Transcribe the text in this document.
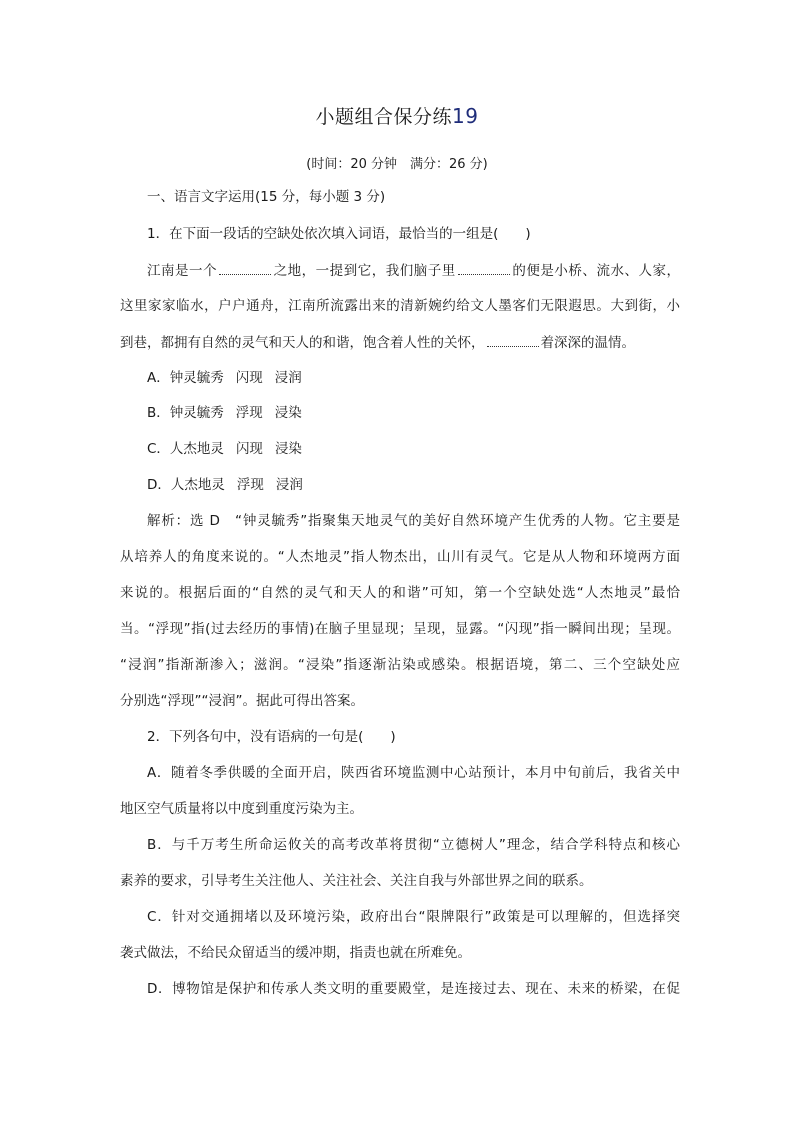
小题组合保分练19
(时间：20 分钟　满分：26 分)
一、语言文字运用(15 分，每小题 3 分)
1．在下面一段话的空缺处依次填入词语，最恰当的一组是(　　)
江南是一个	之地，一提到它，我们脑子里	的便是小桥、流水、人家，
这里家家临水，户户通舟，江南所流露出来的清新婉约给文人墨客们无限遐思。大到街，小
到巷，都拥有自然的灵气和天人的和谐，饱含着人性的关怀，	着深深的温情。
A．钟灵毓秀 闪现 浸润
B．钟灵毓秀 浮现 浸染
C．人杰地灵 闪现 浸染
D．人杰地灵 浮现 浸润
解析：选 D　“钟灵毓秀”指聚集天地灵气的美好自然环境产生优秀的人物。它主要是
从培养人的角度来说的。“人杰地灵”指人物杰出，山川有灵气。它是从人物和环境两方面
来说的。根据后面的“自然的灵气和天人的和谐”可知，第一个空缺处选“人杰地灵”最恰
当。“浮现”指(过去经历的事情)在脑子里显现；呈现，显露。“闪现”指一瞬间出现；呈现。
“浸润”指渐渐渗入；滋润。“浸染”指逐渐沾染或感染。根据语境，第二、三个空缺处应
分别选“浮现”“浸润”。据此可得出答案。
2．下列各句中，没有语病的一句是(　　)
A．随着冬季供暖的全面开启，陕西省环境监测中心站预计，本月中旬前后，我省关中
地区空气质量将以中度到重度污染为主。
B．与千万考生所命运攸关的高考改革将贯彻“立德树人”理念，结合学科特点和核心
素养的要求，引导考生关注他人、关注社会、关注自我与外部世界之间的联系。
C．针对交通拥堵以及环境污染，政府出台“限牌限行”政策是可以理解的，但选择突
袭式做法，不给民众留适当的缓冲期，指责也就在所难免。
D．博物馆是保护和传承人类文明的重要殿堂，是连接过去、现在、未来的桥梁，在促
